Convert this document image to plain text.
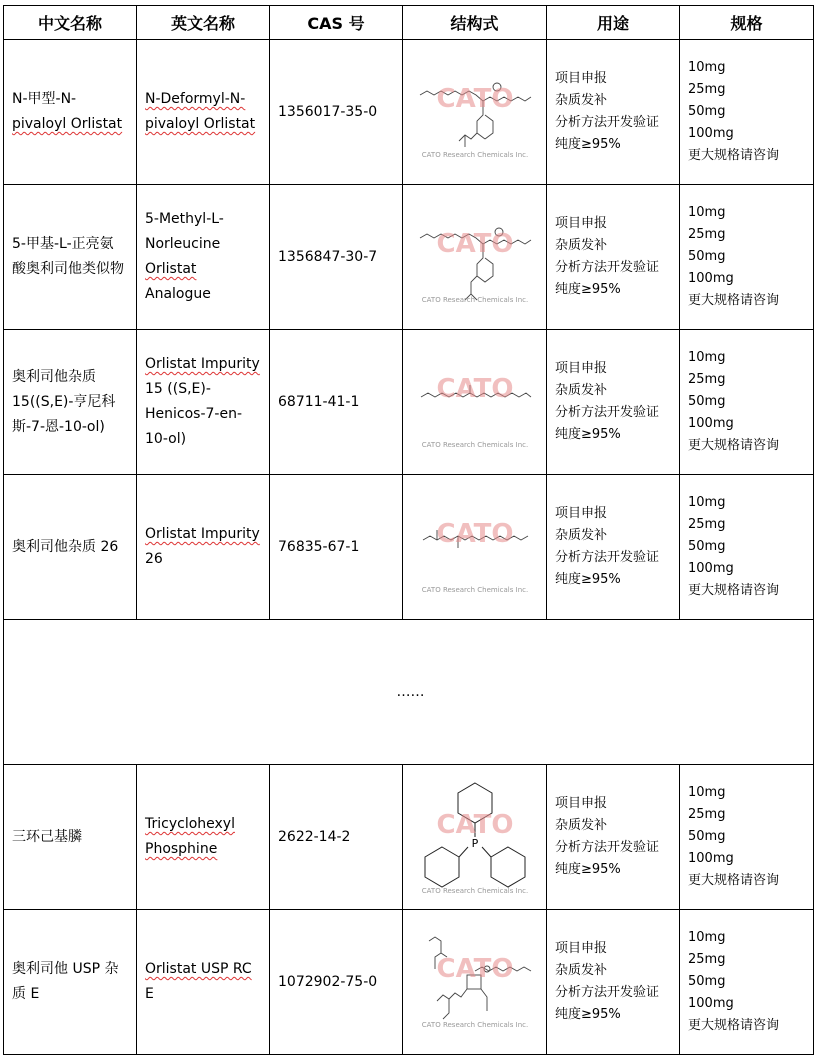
中文名称	英文名称	CAS 号	结构式	用途	规格

N-甲型-N-
pivaloyl Orlistat	N-Deformyl-N-
pivaloyl Orlistat	1356017-35-0	CATO
CATO Research Chemicals Inc.	项目申报
杂质发补
分析方法开发验证
纯度≥95%	10mg
25mg
50mg
100mg
更大规格请咨询

5-甲基-L-正亮氨
酸奥利司他类似物	5-Methyl-L-
Norleucine
Orlistat
Analogue	1356847-30-7	CATO
CATO Research Chemicals Inc.	项目申报
杂质发补
分析方法开发验证
纯度≥95%	10mg
25mg
50mg
100mg
更大规格请咨询

奥利司他杂质
15((S,E)-亨尼科
斯-7-恩-10-ol)	Orlistat Impurity
15 ((S,E)-
Henicos-7-en-
10-ol)	68711-41-1	CATO
CATO Research Chemicals Inc.	项目申报
杂质发补
分析方法开发验证
纯度≥95%	10mg
25mg
50mg
100mg
更大规格请咨询

奥利司他杂质 26	Orlistat Impurity
26	76835-67-1	CATO
CATO Research Chemicals Inc.	项目申报
杂质发补
分析方法开发验证
纯度≥95%	10mg
25mg
50mg
100mg
更大规格请咨询

……					

三环己基膦	Tricyclohexyl
Phosphine	2622-14-2	CATO
P
CATO Research Chemicals Inc.	项目申报
杂质发补
分析方法开发验证
纯度≥95%	10mg
25mg
50mg
100mg
更大规格请咨询

奥利司他 USP 杂
质 E	Orlistat USP RC
E	1072902-75-0	CATO
CATO Research Chemicals Inc.	项目申报
杂质发补
分析方法开发验证
纯度≥95%	10mg
25mg
50mg
100mg
更大规格请咨询
